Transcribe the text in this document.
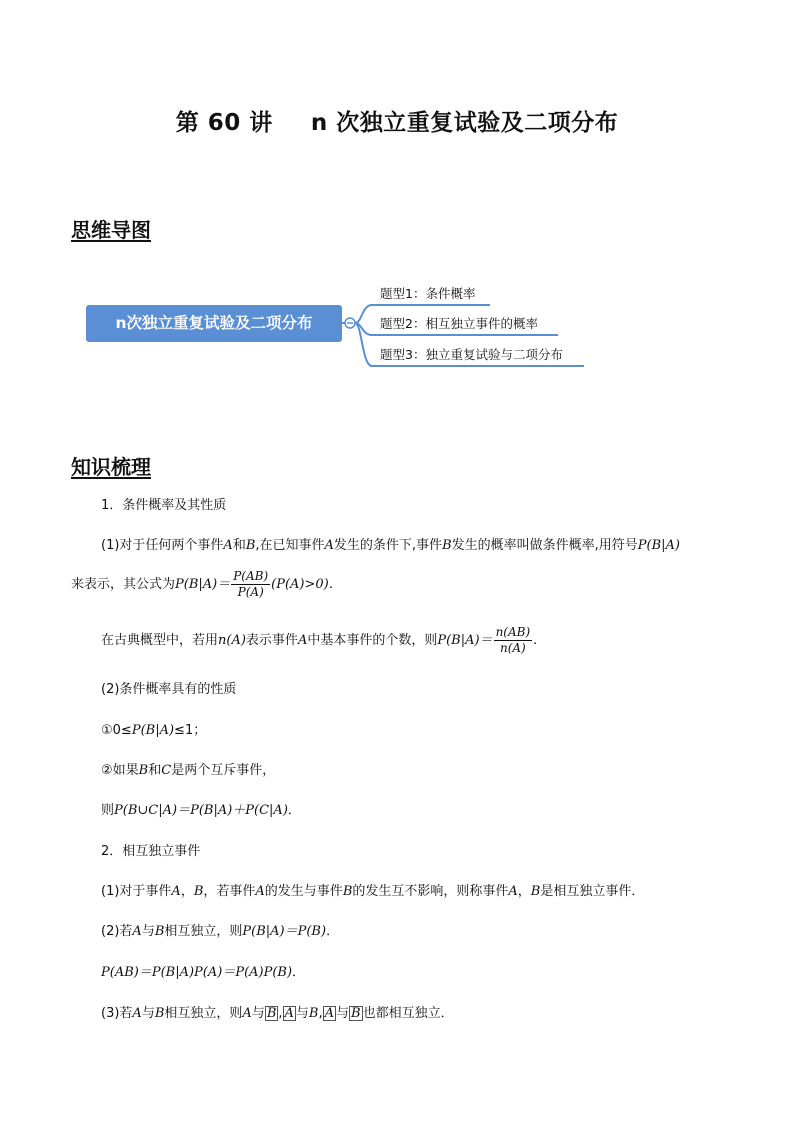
第 60 讲 n 次独立重复试验及二项分布
思维导图
n次独立重复试验及二项分布
题型1：条件概率
题型2：相互独立事件的概率
题型3：独立重复试验与二项分布
知识梳理
1．条件概率及其性质
(1)对于任何两个事件A和B,在已知事件A发生的条件下,事件B发生的概率叫做条件概率,用符号P(B|A)
来表示，其公式为$P(B|A)= \frac{P(AB)}{P(A)} (P(A)>0)$．
在古典概型中，若用n(A)表示事件A中基本事件的个数，则$P(B|A)= \frac{n(AB)}{n(A)}$ .
(2)条件概率具有的性质
①0≤P(B|A)≤1；
②如果B和C是两个互斥事件，
则P(B∪C|A)＝P(B|A)＋P(C|A)．
2．相互独立事件
(1)对于事件A，B，若事件A的发生与事件B的发生互不影响，则称事件A，B是相互独立事件．
(2)若A与B相互独立，则P(B|A)＝P(B)．
P(AB)＝P(B|A)P(A)＝P(A)P(B)．
(3)若A与B相互独立，则A与 B , A 与B, A 与 B 也都相互独立．
